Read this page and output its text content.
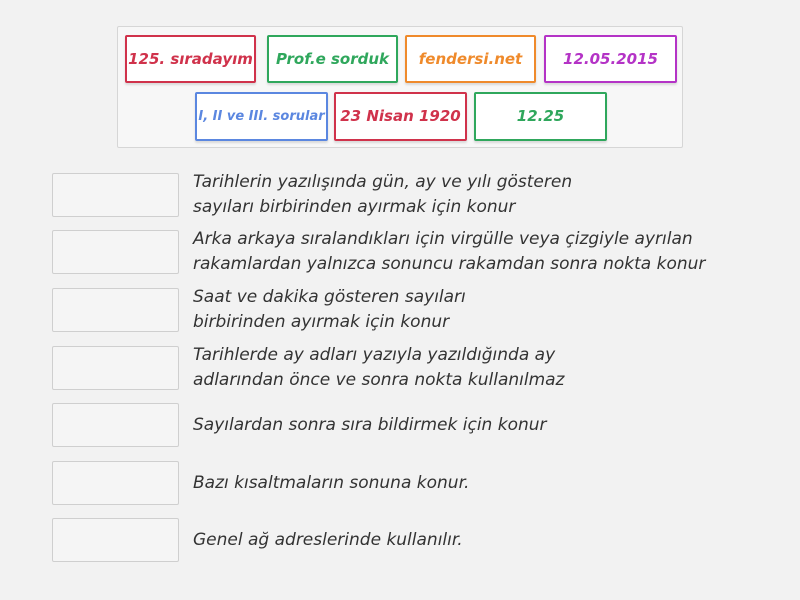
125. sıradayım	Prof.e sorduk	fendersi.net	12.05.2015
I, II ve III. sorular	23 Nisan 1920	12.25
Tarihlerin yazılışında gün, ay ve yılı gösteren
sayıları birbirinden ayırmak için konur
Arka arkaya sıralandıkları için virgülle veya çizgiyle ayrılan
rakamlardan yalnızca sonuncu rakamdan sonra nokta konur
Saat ve dakika gösteren sayıları
birbirinden ayırmak için konur
Tarihlerde ay adları yazıyla yazıldığında ay
adlarından önce ve sonra nokta kullanılmaz
Sayılardan sonra sıra bildirmek için konur
Bazı kısaltmaların sonuna konur.
Genel ağ adreslerinde kullanılır.
